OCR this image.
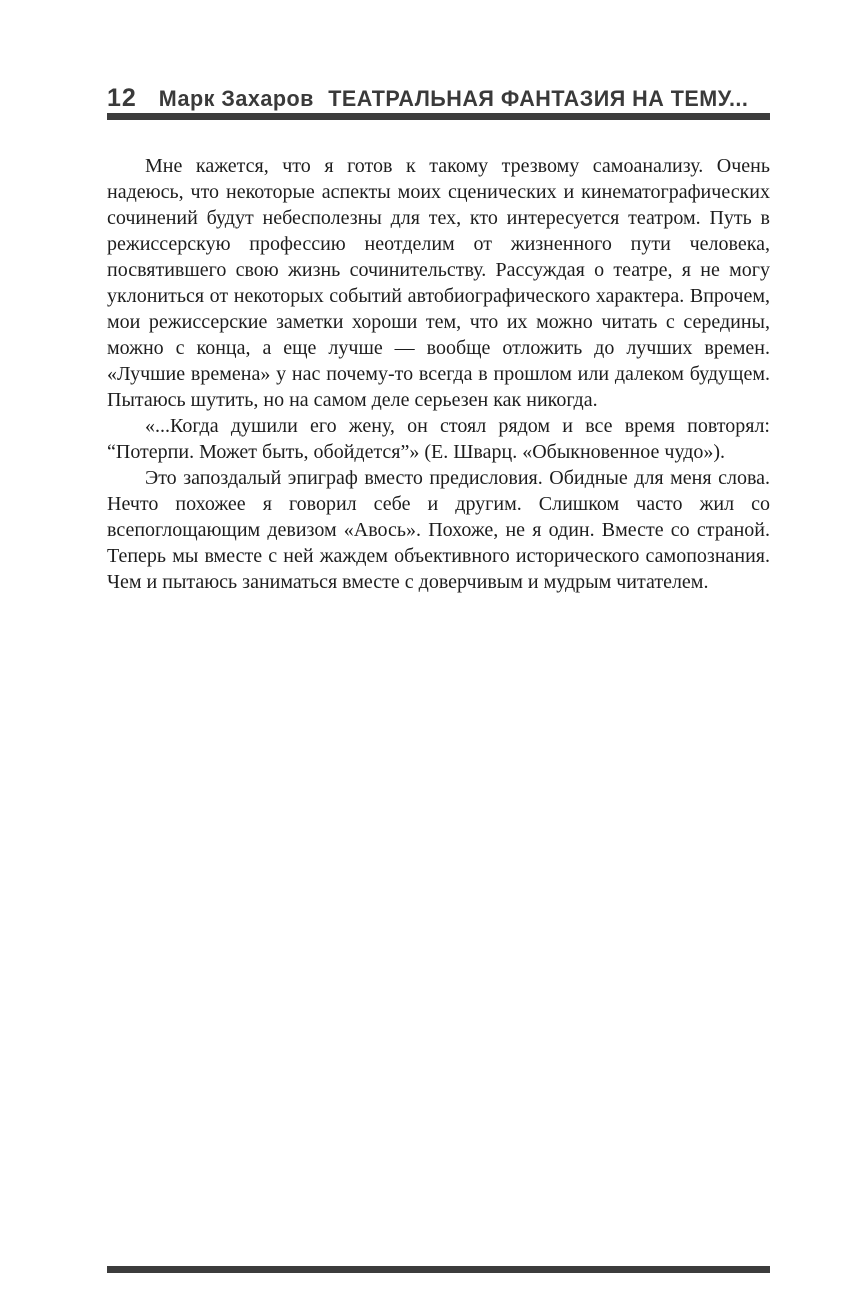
12 Марк Захаров ТЕАТРАЛЬНАЯ ФАНТАЗИЯ НА ТЕМУ...

Мне кажется, что я готов к такому трезвому самоанализу. Очень надеюсь, что некоторые аспекты моих сценических и кинематографических сочинений будут небесполезны для тех, кто интересуется театром. Путь в режиссерскую профессию неотделим от жизненного пути человека, посвятившего свою жизнь сочинительству. Рассуждая о театре, я не могу уклониться от некоторых событий автобиографического характера. Впрочем, мои режиссерские заметки хороши тем, что их можно читать с середины, можно с конца, а еще лучше — вообще отложить до лучших времен. «Лучшие времена» у нас почему-то всегда в прошлом или далеком будущем. Пытаюсь шутить, но на самом деле серьезен как никогда.

«...Когда душили его жену, он стоял рядом и все время повторял: “Потерпи. Может быть, обойдется”» (Е. Шварц. «Обыкновенное чудо»).

Это запоздалый эпиграф вместо предисловия. Обидные для меня слова. Нечто похожее я говорил себе и другим. Слишком часто жил со всепоглощающим девизом «Авось». Похоже, не я один. Вместе со страной. Теперь мы вместе с ней жаждем объективного исторического самопознания. Чем и пытаюсь заниматься вместе с доверчивым и мудрым читателем.
